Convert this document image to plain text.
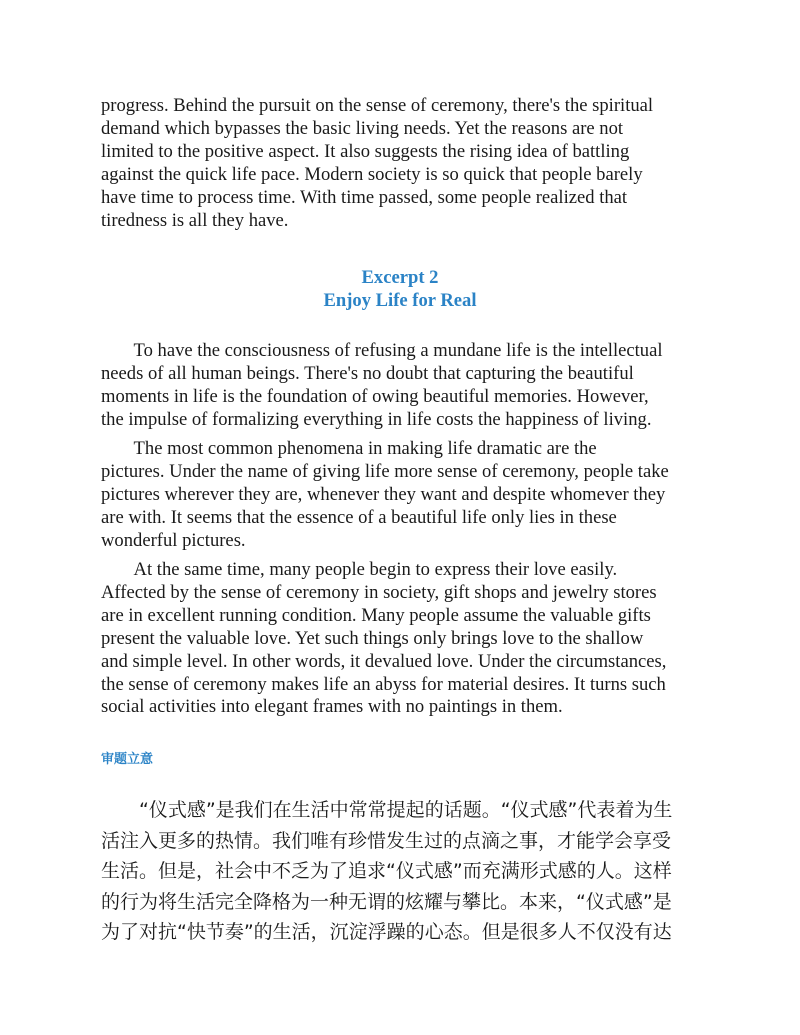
progress. Behind the pursuit on the sense of ceremony, there's the spiritual
demand which bypasses the basic living needs. Yet the reasons are not
limited to the positive aspect. It also suggests the rising idea of battling
against the quick life pace. Modern society is so quick that people barely
have time to process time. With time passed, some people realized that
tiredness is all they have.

Excerpt 2
Enjoy Life for Real

To have the consciousness of refusing a mundane life is the intellectual
needs of all human beings. There's no doubt that capturing the beautiful
moments in life is the foundation of owing beautiful memories. However,
the impulse of formalizing everything in life costs the happiness of living.

The most common phenomena in making life dramatic are the
pictures. Under the name of giving life more sense of ceremony, people take
pictures wherever they are, whenever they want and despite whomever they
are with. It seems that the essence of a beautiful life only lies in these
wonderful pictures.

At the same time, many people begin to express their love easily.
Affected by the sense of ceremony in society, gift shops and jewelry stores
are in excellent running condition. Many people assume the valuable gifts
present the valuable love. Yet such things only brings love to the shallow
and simple level. In other words, it devalued love. Under the circumstances,
the sense of ceremony makes life an abyss for material desires. It turns such
social activities into elegant frames with no paintings in them.

审题立意

　　“仪式感”是我们在生活中常常提起的话题。“仪式感”代表着为生
活注入更多的热情。我们唯有珍惜发生过的点滴之事，才能学会享受
生活。但是，社会中不乏为了追求“仪式感”而充满形式感的人。这样
的行为将生活完全降格为一种无谓的炫耀与攀比。本来，“仪式感”是
为了对抗“快节奏”的生活，沉淀浮躁的心态。但是很多人不仅没有达
